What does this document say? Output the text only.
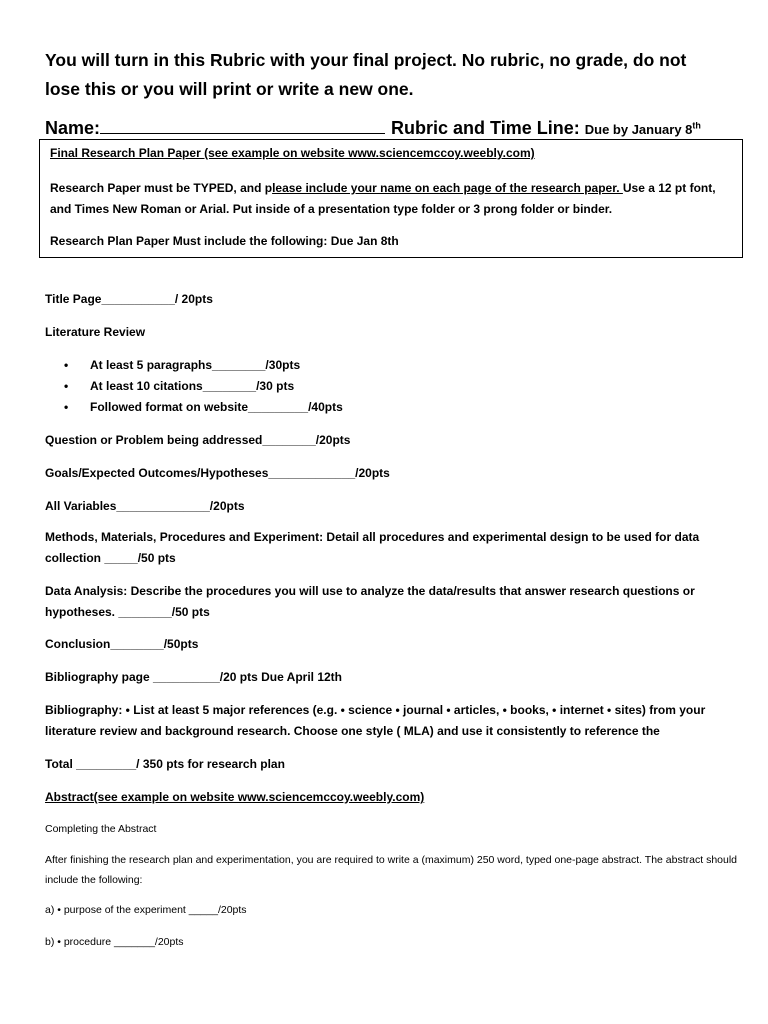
You will turn in this Rubric with your final project. No rubric, no grade, do not
lose this or you will print or write a new one.
Name:	Rubric and Time Line: Due by January 8th
Final Research Plan Paper (see example on website www.sciencemccoy.weebly.com)
Research Paper must be TYPED, and please include your name on each page of the research paper. Use a 12 pt font, and Times New Roman or Arial. Put inside of a presentation type folder or 3 prong folder or binder.
Research Plan Paper Must include the following: Due Jan 8th
Title Page___________/ 20pts
Literature Review
• At least 5 paragraphs________/30pts
• At least 10 citations________/30 pts
• Followed format on website_________/40pts
Question or Problem being addressed________/20pts
Goals/Expected Outcomes/Hypotheses_____________/20pts
All Variables______________/20pts
Methods, Materials, Procedures and Experiment: Detail all procedures and experimental design to be used for data collection _____/50 pts
Data Analysis: Describe the procedures you will use to analyze the data/results that answer research questions or hypotheses. ________/50 pts
Conclusion________/50pts
Bibliography page __________/20 pts Due April 12th
Bibliography: • List at least 5 major references (e.g. • science • journal • articles, • books, • internet • sites) from your literature review and background research. Choose one style ( MLA) and use it consistently to reference the
Total _________/ 350 pts for research plan
Abstract(see example on website www.sciencemccoy.weebly.com)
Completing the Abstract
After finishing the research plan and experimentation, you are required to write a (maximum) 250 word, typed one-page abstract. The abstract should include the following:
a) • purpose of the experiment _____/20pts
b) • procedure _______/20pts
